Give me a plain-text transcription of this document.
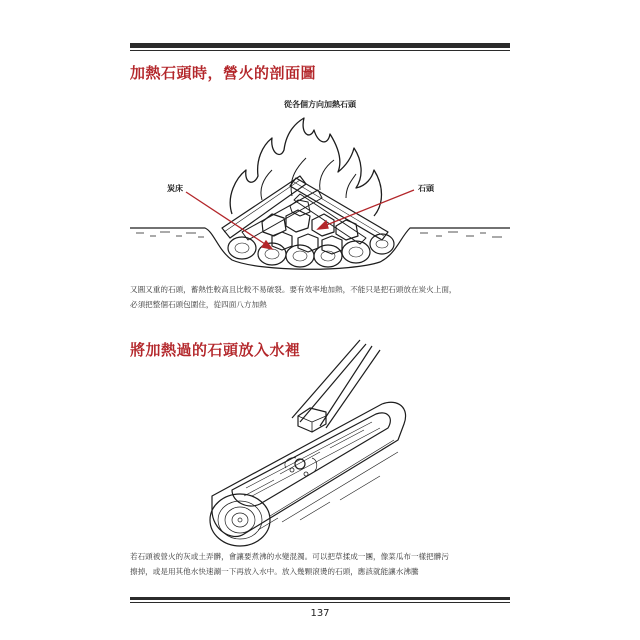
加熱石頭時，營火的剖面圖
從各個方向加熱石頭
炭床	石頭
又圓又重的石頭，蓄熱性較高且比較不易破裂。要有效率地加熱，不能只是把石頭放在炭火上面，
必須把整個石頭包圍住，從四面八方加熱
將加熱過的石頭放入水裡
若石頭被營火的灰或土弄髒，會讓要煮沸的水變混濁。可以把草揉成一團，像菜瓜布一樣把髒污
擦掉，或是用其他水快速涮一下再放入水中。放入幾顆滾燙的石頭，應該就能讓水沸騰
137
